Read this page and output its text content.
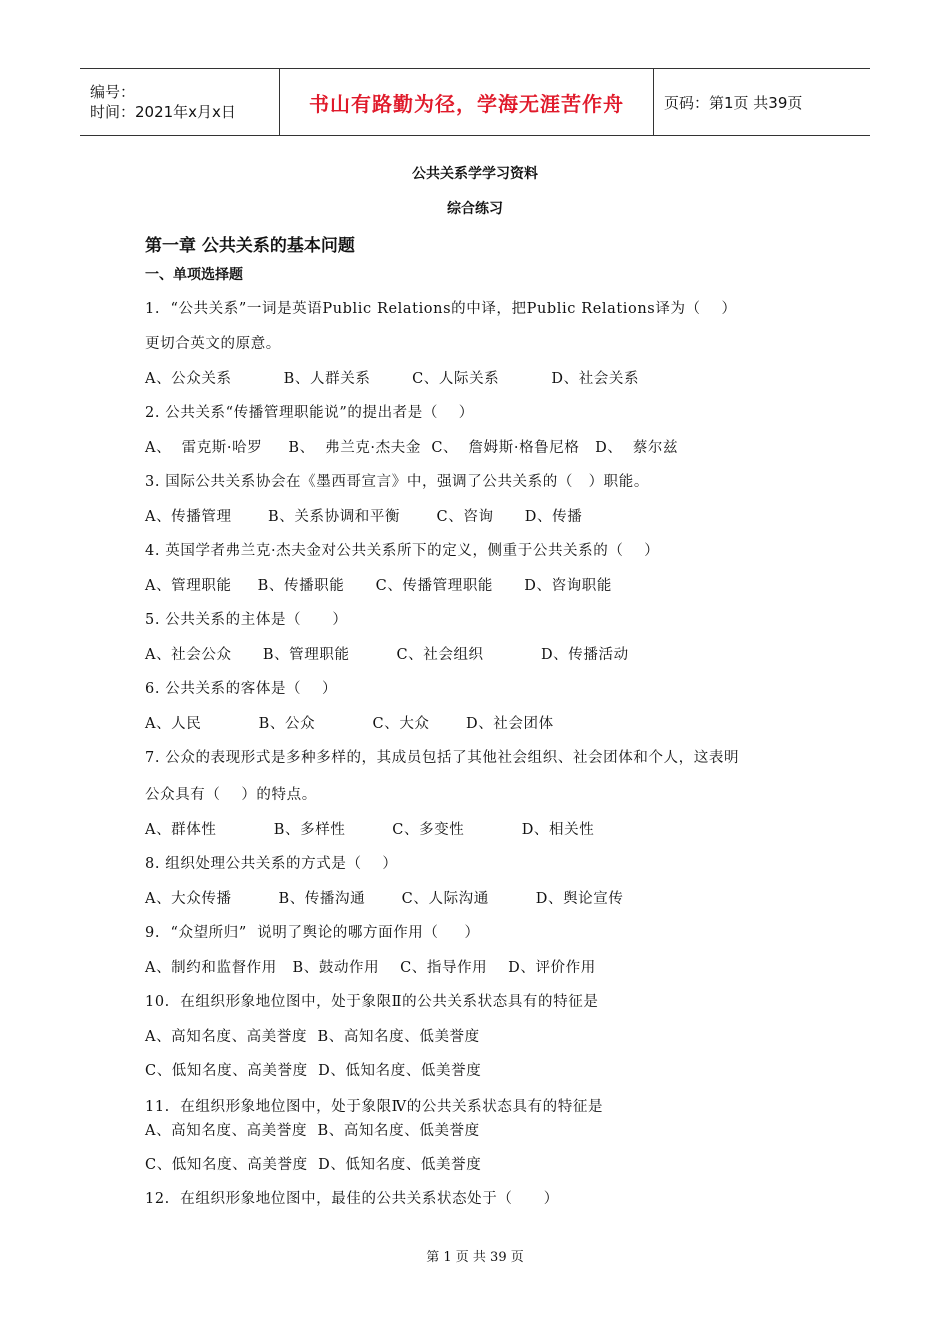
编号：
时间：2021年x月x日	书山有路勤为径，学海无涯苦作舟	页码：第1页 共39页
公共关系学学习资料
综合练习
第一章 公共关系的基本问题
一、单项选择题
1.  “公共关系”一词是英语Public Relations的中译，把Public Relations译为（    ）
更切合英文的原意。
A、公众关系          B、人群关系        C、人际关系          D、社会关系
2. 公共关系“传播管理职能说”的提出者是（    ）
A、  雷克斯·哈罗     B、  弗兰克·杰夫金  C、  詹姆斯·格鲁尼格   D、  蔡尔兹
3. 国际公共关系协会在《墨西哥宣言》中，强调了公共关系的（   ）职能。
A、传播管理       B、关系协调和平衡       C、咨询      D、传播
4. 英国学者弗兰克·杰夫金对公共关系所下的定义，侧重于公共关系的（    ）
A、管理职能     B、传播职能      C、传播管理职能      D、咨询职能
5. 公共关系的主体是（      ）
A、社会公众      B、管理职能         C、社会组织           D、传播活动
6. 公共关系的客体是（    ）
A、人民           B、公众           C、大众       D、社会团体
7. 公众的表现形式是多种多样的，其成员包括了其他社会组织、社会团体和个人，这表明
公众具有（    ）的特点。
A、群体性           B、多样性         C、多变性           D、相关性
8. 组织处理公共关系的方式是（    ）
A、大众传播         B、传播沟通       C、人际沟通         D、舆论宣传
9.  “众望所归”  说明了舆论的哪方面作用（     ）
A、制约和监督作用   B、鼓动作用    C、指导作用    D、评价作用
10.  在组织形象地位图中，处于象限Ⅱ的公共关系状态具有的特征是
A、高知名度、高美誉度  B、高知名度、低美誉度
C、低知名度、高美誉度  D、低知名度、低美誉度
11.  在组织形象地位图中，处于象限Ⅳ的公共关系状态具有的特征是
A、高知名度、高美誉度  B、高知名度、低美誉度
C、低知名度、高美誉度  D、低知名度、低美誉度
12.  在组织形象地位图中，最佳的公共关系状态处于（      ）
第 1 页 共 39 页
